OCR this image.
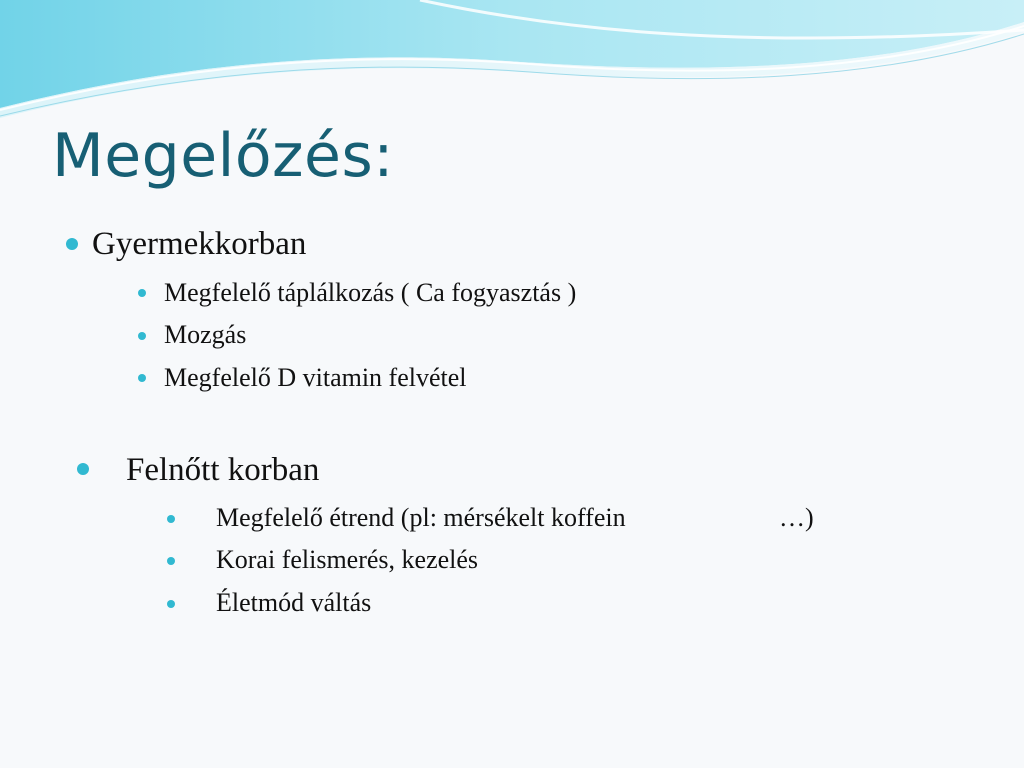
Megelőzés:
Gyermekkorban
Megfelelő táplálkozás ( Ca fogyasztás )
Mozgás
Megfelelő D vitamin felvétel
Felnőtt korban
Megfelelő étrend (pl: mérsékelt koffein	…)
Korai felismerés, kezelés
Életmód váltás
